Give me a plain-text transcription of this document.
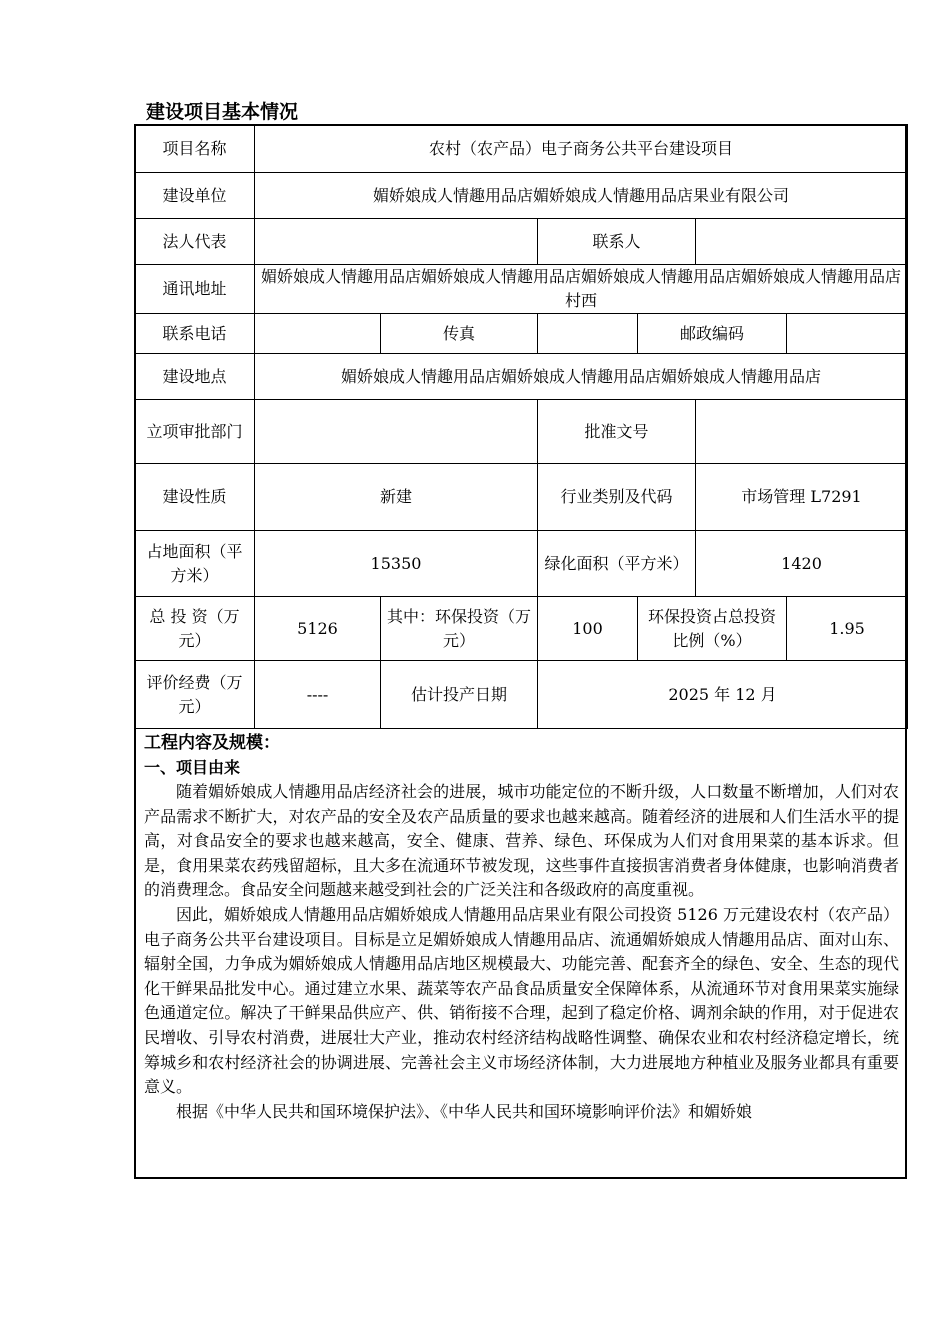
建设项目基本情况
项目名称	农村（农产品）电子商务公共平台建设项目					
建设单位	媚娇娘成人情趣用品店媚娇娘成人情趣用品店果业有限公司					
法人代表			联系人			
通讯地址	媚娇娘成人情趣用品店媚娇娘成人情趣用品店媚娇娘成人情趣用品店媚娇娘成人情趣用品店村西					
联系电话		传真		邮政编码		
建设地点	媚娇娘成人情趣用品店媚娇娘成人情趣用品店媚娇娘成人情趣用品店					
立项审批部门			批准文号			
建设性质	新建		行业类别及代码		市场管理 L7291	
占地面积（平方米）	15350		绿化面积（平方米）		1420	
总 投 资（万元）	5126	其中：环保投资（万元）	100	环保投资占总投资比例（%）		1.95
评价经费（万元）	----	估计投产日期	2025 年 12 月			
工程内容及规模：
一、项目由来

随着媚娇娘成人情趣用品店经济社会的进展，城市功能定位的不断升级，人口数量不断增加，人们对农产品需求不断扩大，对农产品的安全及农产品质量的要求也越来越高。随着经济的进展和人们生活水平的提高，对食品安全的要求也越来越高，安全、健康、营养、绿色、环保成为人们对食用果菜的基本诉求。但是，食用果菜农药残留超标，且大多在流通环节被发现，这些事件直接损害消费者身体健康，也影响消费者的消费理念。食品安全问题越来越受到社会的广泛关注和各级政府的高度重视。

因此，媚娇娘成人情趣用品店媚娇娘成人情趣用品店果业有限公司投资 5126 万元建设农村（农产品）电子商务公共平台建设项目。目标是立足媚娇娘成人情趣用品店、流通媚娇娘成人情趣用品店、面对山东、辐射全国，力争成为媚娇娘成人情趣用品店地区规模最大、功能完善、配套齐全的绿色、安全、生态的现代化干鲜果品批发中心。通过建立水果、蔬菜等农产品食品质量安全保障体系，从流通环节对食用果菜实施绿色通道定位。解决了干鲜果品供应产、供、销衔接不合理，起到了稳定价格、调剂余缺的作用，对于促进农民增收、引导农村消费，进展壮大产业，推动农村经济结构战略性调整、确保农业和农村经济稳定增长，统筹城乡和农村经济社会的协调进展、完善社会主义市场经济体制，大力进展地方种植业及服务业都具有重要意义。

根据《中华人民共和国环境保护法》、《中华人民共和国环境影响评价法》和媚娇娘
